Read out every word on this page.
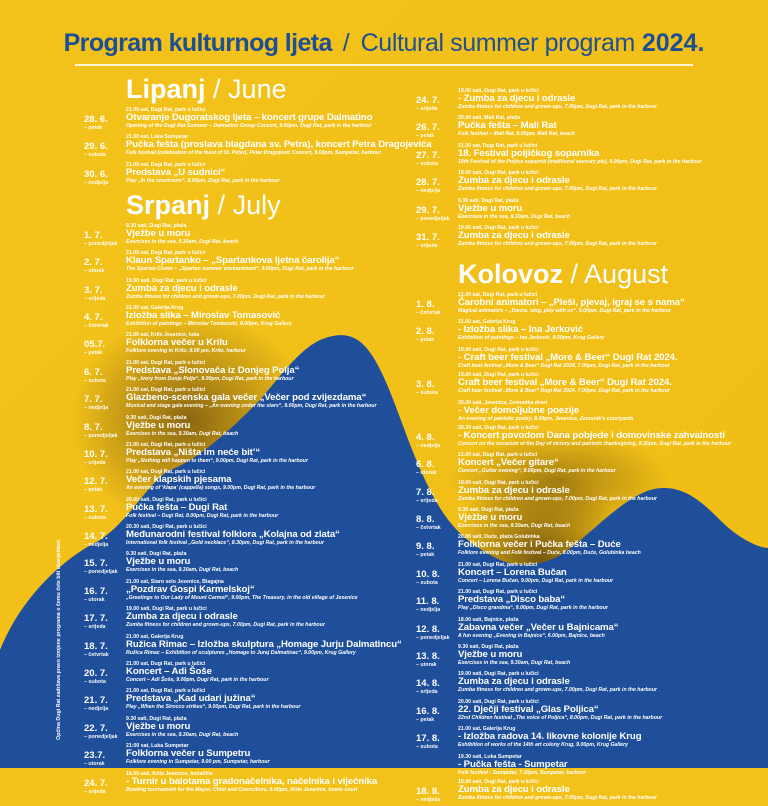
Program kulturnog ljeta / Cultural summer program 2024.
Lipanj / June
28. 6.
– petak
21.00 sat, Dugi Rat, park u lučici
Otvaranje Dugoratskog ljeta – koncert grupe Dalmatino
Opening of the Dugi Rat Summer – Dalmatino Group Concert, 9.00pm, Dugi Rat, park in the harbour
29. 6.
– subota
21.00 sat, Luka Sumpetar
Pučka fešta (proslava blagdana sv. Petra), koncert Petra Dragojevića
Folk festival (celebration of the feast of St. Peter), Petar Dragojević Concert, 9.00pm, Sumpetar, harbour
30. 6.
– nedjelja
21.00 sat, Dugi Rat, park u lučici
Predstava „U sudnici“
Play „In the courtroom“, 9.00pm, Dugi Rat, park in the harbour
Srpanj / July
1. 7.
– ponedjeljak
9.30 sati, Dugi Rat, plaža
Vježbe u moru
Exercises in the sea, 9.30am, Dugi Rat, beach
2. 7.
– utorak
21.00 sat, Dugi Rat, park u lučici
Klaun Spartanko – „Spartankova ljetna čarolija“
The Spartan Clown – „Spartan summer enchantment“, 9.00pm, Dugi Rat, park in the harbour
3. 7.
– srijeda
19.00 sati, Dugi Rat, park u lučici
Zumba za djecu i odrasle
Zumba fitness for children and grown-ups, 7.00pm, Dugi Rat, park in the harbour
4. 7.
– četvrtak
21.00 sat, Galerija Krug
Izložba slika – Miroslav Tomasović
Exhibition of paintings – Miroslav Tomasović, 9.00pm, Krug Gallery
05.7.
– petak
21.00 sat, Krilo Jesenice, luka
Folklorna večer u Krilu
Folklore evening in Krilo, 9.00 pm, Krilo, harbour
6. 7.
– subota
21.00 sat, Dugi Rat, park u lučici
Predstava „Slonovača iz Donjeg Polja“
Play „Ivory from Donje Polje“, 9.00pm, Dugi Rat, park in the harbour
7. 7.
– nedjelja
21.00 sat, Dugi Rat, park u lučici
Glazbeno-scenska gala večer „Večer pod zvijezdama“
Musical and stage gala evening – „An evening under the stars“, 9.00pm, Dugi Rat, park in the harbour
8. 7.
– ponedjeljak
9.30 sati, Dugi Rat, plaža
Vježbe u moru
Exercises in the sea, 9.30am, Dugi Rat, beach
10. 7.
– srijeda
21.00 sat, Dugi Rat, park u lučici
Predstava „Ništa im neće bit’“
Play „Nothing will happen to them“, 9.00pm, Dugi Rat, park in the harbour
12. 7.
– petak
21.00 sat, Dugi Rat, park u lučici
Večer klapskih pjesama
An evening of ‘klapa’ (cappella) songs, 9.00pm, Dugi Rat, park in the harbour
13. 7.
– subota
20.00 sati, Dugi Rat, park u lučici
Pučka fešta – Dugi Rat
Folk festival – Dugi Rat, 8.00pm, Dugi Rat, park in the harbour
14. 7.
– nedjelja
20.30 sati, Dugi Rat, park u lučici
Međunarodni festival folklora „Kolajna od zlata“
International folk festival „Gold necklace“, 8.30pm, Dugi Rat, park in the harbour
15. 7.
– ponedjeljak
9.30 sati, Dugi Rat, plaža
Vježbe u moru
Exercises in the sea, 9.30am, Dugi Rat, beach
16. 7.
– utorak
21.00 sat, Staro selo Jesenice, Blagajna
„Pozdrav Gospi Karmelskoj“
„Greetings to Our Lady of Mount Carmel“, 9.00pm, The Treasury, in the old village of Jesenice
17. 7.
– srijeda
19.00 sati, Dugi Rat, park u lučici
Zumba za djecu i odrasle
Zumba fitness for children and grown-ups, 7.00pm, Dugi Rat, park in the harbour
18. 7.
– četvrtak
21.00 sat, Galerija Krug
Ružica Rimac – Izložba skulptura „Homage Jurju Dalmatincu“
Ružica Rimac – Exhibition of sculptures „Homage to Juraj Dalmatinac“, 9.00pm, Krug Gallery
20. 7.
– subota
21.00 sat, Dugi Rat, park u lučici
Koncert – Adi Šoše
Concert – Adi Šoše, 9.00pm, Dugi Rat, park in the harbour
21. 7.
– nedjelja
21.00 sat, Dugi Rat, park u lučici
Predstava „Kad udari južina“
Play „When the Sirocco strikes“, 9.00pm, Dugi Rat, park in the harbour
22. 7.
– ponedjeljak
9.30 sati, Dugi Rat, plaža
Vježbe u moru
Exercises in the sea, 9.30am, Dugi Rat, beach
23.7.
– utorak
21:00 sat, Luka Sumpetar
Folklorna večer u Sumpetru
Folklore evening in Sumpetar, 9.00 pm, Sumpetar, harbour
24. 7.
– srijeda
18.00 sati, Krilo Jesenice, boćalište
- Turnir u balotama gradonačelnika, načelnika i vijećnika
Bowling tournament for the Mayor, Chief and Councillors, 6.00pm, Krilo Jesenice, bowls court
24. 7.
– srijeda
19.00 sati, Dugi Rat, park u lučici
- Zumba za djecu i odrasle
Zumba fitness for children and grown-ups, 7.00pm, Dugi Rat, park in the harbour
26. 7.
– petak
20.00 sati, Mali Rat, plaža
Pučka fešta – Mali Rat
Folk festival – Mali Rat, 8.00pm, Mali Rat, beach
27. 7.
– subota
21.00 sat, Dugi Rat, park u lučici
18. Festival poljičkog soparnika
18th Festival of the Poljica soparnik (traditional savoury pie), 9.00pm, Dugi Rat, park in the harbour
28. 7.
– nedjelja
19.00 sati, Dugi Rat, park u lučici
Zumba za djecu i odrasle
Zumba fitness for children and grown-ups, 7.00pm, Dugi Rat, park in the harbour
29. 7.
– ponedjeljak
9.30 sati, Dugi Rat, plaža
Vježbe u moru
Exercises in the sea, 9.30am, Dugi Rat, beach
31. 7.
– srijeda
19.00 sati, Dugi Rat, park u lučici
Zumba za djecu i odrasle
Zumba fitness for children and grown-ups, 7.00pm, Dugi Rat, park in the harbour
Kolovoz / August
1. 8.
– četvrtak
21.00 sat, Dugi Rat, park u lučici
Čarobni animatori – „Pleši, pjevaj, igraj se s nama“
Magical animators – „Dance, sing, play with us“, 9.00pm, Dugi Rat, park in the harbour
2. 8.
– petak
21.00 sat, Galerija Krug
- Izložba slika – Ina Jerković
Exhibition of paintings – Ina Jerković, 9.00pm, Krug Gallery
19.00 sati, Dugi Rat, park u lučici
- Craft beer festival „More & Beer“ Dugi Rat 2024.
Craft beer festival „More & Beer“ Dugi Rat 2024, 7.00pm, Dugi Rat, park in the harbour
3. 8.
– subota
19.00 sati, Dugi Rat, park u lučici
Craft beer festival „More & Beer“ Dugi Rat 2024.
Craft beer festival „More & Beer“ Dugi Rat 2024, 7.00pm, Dugi Rat, park in the harbour
20.00 sati, Jesenica, Zemunika dvori
- Večer domoljubne poezije
An evening of patriotic poetry, 8.00pm, Jesenice, Zemunik’s courtyards
4. 8.
– nedjelja
20.30 sati, Dugi Rat, park u lučici
- Koncert povodom Dana pobjede i domovinske zahvalnosti
Concert on the occasion of the Day of victory and patriotic thanksgiving, 8.30pm, Dugi Rat, park in the harbour
6. 8.
– utorak
21.00 sat, Dugi Rat, park u lučici
Koncert „Večer gitare“
Concert „Guitar evening“, 9.00pm, Dugi Rat, park in the harbour
7. 8.
– srijeda
19.00 sati, Dugi Rat, park u lučici
Zumba za djecu i odrasle
Zumba fitness for children and grown-ups, 7.00pm, Dugi Rat, park in the harbour
8. 8.
– četvrtak
9.30 sati, Dugi Rat, plaža
Vježbe u moru
Exercises in the sea, 9.30am, Dugi Rat, beach
9. 8.
– petak
20.00 sati, Duće, plaža Golubinka
Folklorna večer i Pučka fešta – Duće
Folklore evening and Folk festival – Duće, 8.00pm, Duće, Golubinka beach
10. 8.
– subota
21.00 sat, Dugi Rat, park u lučici
Koncert – Lorena Bučan
Concert – Lorena Bučan, 9.00pm, Dugi Rat, park in the harbour
11. 8.
– nedjelja
21.00 sat, Dugi Rat, park u lučici
Predstava „Disco baba“
Play „Disco grandma“, 9.00pm, Dugi Rat, park in the harbour
12. 8.
– ponedjeljak
18.00 sati, Bajnice, plaža
Zabavna večer „Večer u Bajnicama“
A fun evening „Evening in Bajnice“, 6.00pm, Bajnice, beach
13. 8.
– utorak
9.30 sati, Dugi Rat, plaža
Vježbe u moru
Exercises in the sea, 9.30am, Dugi Rat, beach
14. 8.
– srijeda
19.00 sati, Dugi Rat, park u lučici
Zumba za djecu i odrasle
Zumba fitness for children and grown-ups, 7.00pm, Dugi Rat, park in the harbour
16. 8.
– petak
20.00 sati, Dugi Rat, park u lučici
22. Dječji festival „Glas Poljica“
22nd Children festival „The voice of Poljica“, 8.00pm, Dugi Rat, park in the harbour
17. 8.
– subota
21.00 sat, Galerija Krug
- Izložba radova 14. likovne kolonije Krug
Exhibition of works of the 14th art colony Krug, 9.00pm, Krug Gallery
19.30 sati, Luka Sumpetar
- Pučka fešta - Sumpetar
Folk festival - Sumpetar, 7.30pm, Sumpetar, harbour
18. 8.
– nedjelja
19.00 sati, Dugi Rat, park u lučici
Zumba za djecu i odrasle
Zumba fitness for children and grown-ups, 7.00pm, Dugi Rat, park in the harbour
Općina Dugi Rat zadržava pravo izmjene programa o čemu ćete biti obavješteni.
